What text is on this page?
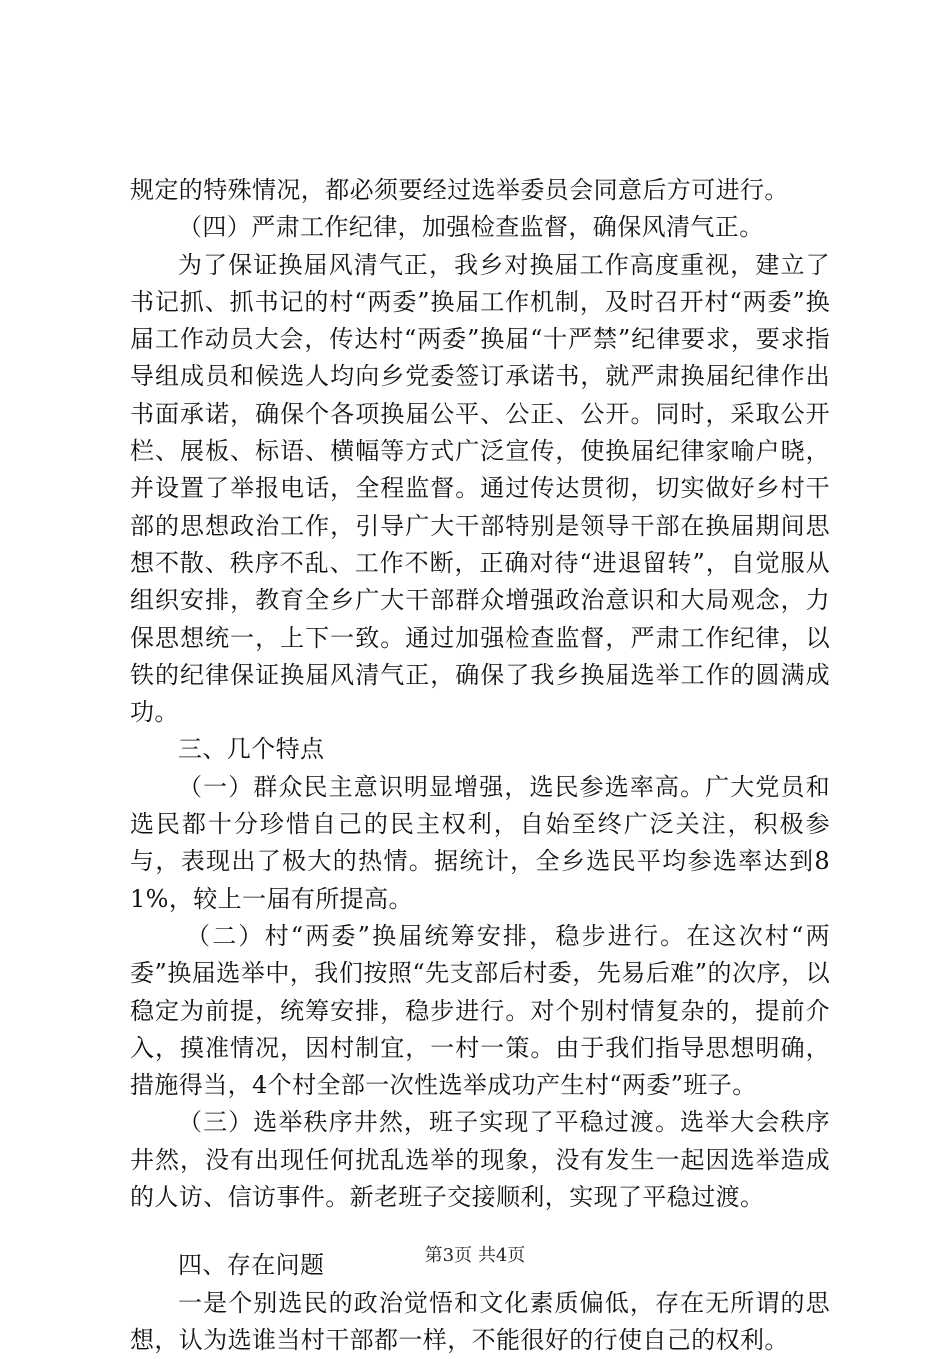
规定的特殊情况，都必须要经过选举委员会同意后方可进行。

（四）严肃工作纪律，加强检查监督，确保风清气正。

为了保证换届风清气正，我乡对换届工作高度重视，建立了书记抓、抓书记的村“两委”换届工作机制，及时召开村“两委”换届工作动员大会，传达村“两委”换届“十严禁”纪律要求，要求指导组成员和候选人均向乡党委签订承诺书，就严肃换届纪律作出书面承诺，确保个各项换届公平、公正、公开。同时，采取公开栏、展板、标语、横幅等方式广泛宣传，使换届纪律家喻户晓，并设置了举报电话，全程监督。通过传达贯彻，切实做好乡村干部的思想政治工作，引导广大干部特别是领导干部在换届期间思想不散、秩序不乱、工作不断，正确对待“进退留转”，自觉服从组织安排，教育全乡广大干部群众增强政治意识和大局观念，力保思想统一，上下一致。通过加强检查监督，严肃工作纪律，以铁的纪律保证换届风清气正，确保了我乡换届选举工作的圆满成功。

三、几个特点

（一）群众民主意识明显增强，选民参选率高。广大党员和选民都十分珍惜自己的民主权利，自始至终广泛关注，积极参与，表现出了极大的热情。据统计，全乡选民平均参选率达到81%，较上一届有所提高。

（二）村“两委”换届统筹安排，稳步进行。在这次村“两委”换届选举中，我们按照“先支部后村委，先易后难”的次序，以稳定为前提，统筹安排，稳步进行。对个别村情复杂的，提前介入，摸准情况，因村制宜，一村一策。由于我们指导思想明确，措施得当，4个村全部一次性选举成功产生村“两委”班子。

（三）选举秩序井然，班子实现了平稳过渡。选举大会秩序井然，没有出现任何扰乱选举的现象，没有发生一起因选举造成的人访、信访事件。新老班子交接顺利，实现了平稳过渡。

四、存在问题

一是个别选民的政治觉悟和文化素质偏低，存在无所谓的思想，认为选谁当村干部都一样，不能很好的行使自己的权利。

第3页 共4页
